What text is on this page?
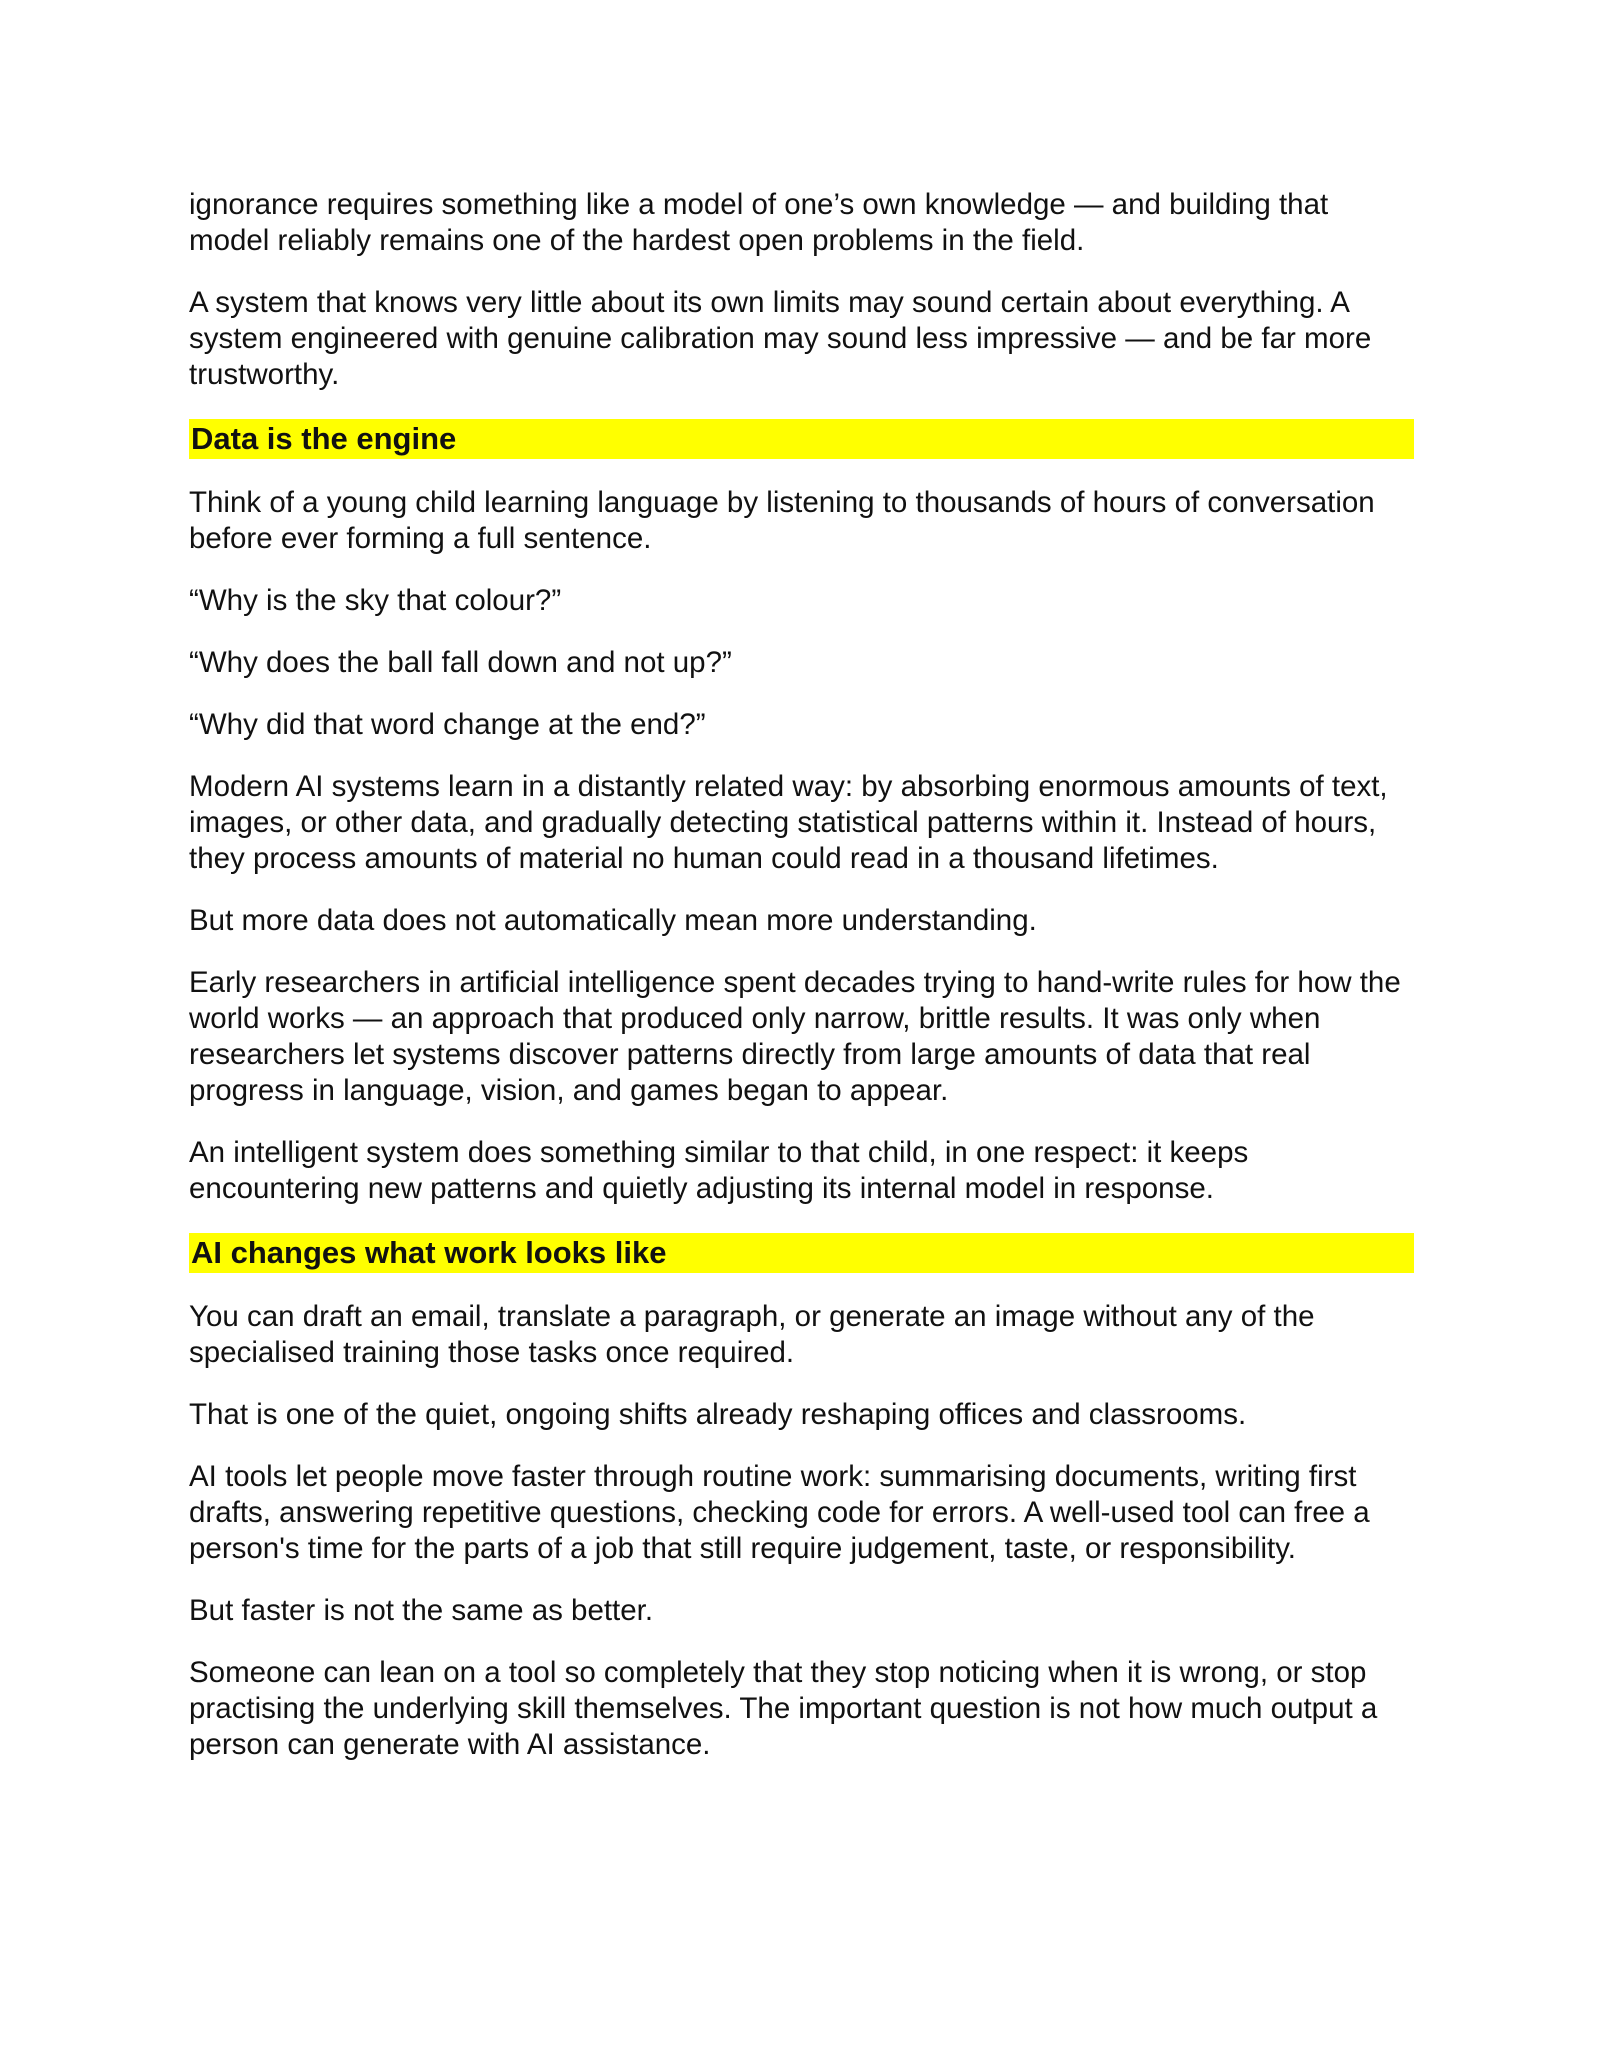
ignorance requires something like a model of one’s own knowledge — and building that model reliably remains one of the hardest open problems in the field.

A system that knows very little about its own limits may sound certain about everything. A system engineered with genuine calibration may sound less impressive — and be far more trustworthy.

Data is the engine

Think of a young child learning language by listening to thousands of hours of conversation before ever forming a full sentence.

“Why is the sky that colour?”

“Why does the ball fall down and not up?”

“Why did that word change at the end?”

Modern AI systems learn in a distantly related way: by absorbing enormous amounts of text, images, or other data, and gradually detecting statistical patterns within it. Instead of hours, they process amounts of material no human could read in a thousand lifetimes.

But more data does not automatically mean more understanding.

Early researchers in artificial intelligence spent decades trying to hand-write rules for how the world works — an approach that produced only narrow, brittle results. It was only when researchers let systems discover patterns directly from large amounts of data that real progress in language, vision, and games began to appear.

An intelligent system does something similar to that child, in one respect: it keeps encountering new patterns and quietly adjusting its internal model in response.

AI changes what work looks like

You can draft an email, translate a paragraph, or generate an image without any of the specialised training those tasks once required.

That is one of the quiet, ongoing shifts already reshaping offices and classrooms.

AI tools let people move faster through routine work: summarising documents, writing first drafts, answering repetitive questions, checking code for errors. A well-used tool can free a person's time for the parts of a job that still require judgement, taste, or responsibility.

But faster is not the same as better.

Someone can lean on a tool so completely that they stop noticing when it is wrong, or stop practising the underlying skill themselves. The important question is not how much output a person can generate with AI assistance.
